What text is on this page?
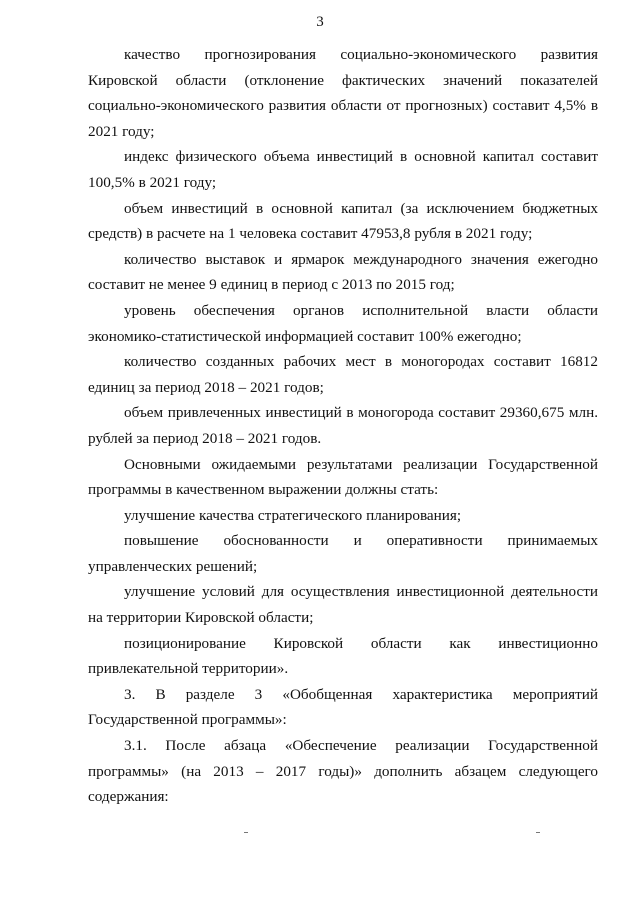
3

качество прогнозирования социально-экономического развития Кировской области (отклонение фактических значений показателей социально-экономического развития области от прогнозных) составит 4,5% в 2021 году;

индекс физического объема инвестиций в основной капитал составит 100,5% в 2021 году;

объем инвестиций в основной капитал (за исключением бюджетных средств) в расчете на 1 человека составит 47953,8 рубля в 2021 году;

количество выставок и ярмарок международного значения ежегодно составит не менее 9 единиц в период с 2013 по 2015 год;

уровень обеспечения органов исполнительной власти области экономико-статистической информацией составит 100% ежегодно;

количество созданных рабочих мест в моногородах составит 16812 единиц за период 2018 – 2021 годов;

объем привлеченных инвестиций в моногорода составит 29360,675 млн. рублей за период 2018 – 2021 годов.

Основными ожидаемыми результатами реализации Государственной программы в качественном выражении должны стать:

улучшение качества стратегического планирования;

повышение обоснованности и оперативности принимаемых управленческих решений;

улучшение условий для осуществления инвестиционной деятельности на территории Кировской области;

позиционирование Кировской области как инвестиционно привлекательной территории».

3. В разделе 3 «Обобщенная характеристика мероприятий Государственной программы»:

3.1. После абзаца «Обеспечение реализации Государственной программы» (на 2013 – 2017 годы)» дополнить абзацем следующего содержания:
